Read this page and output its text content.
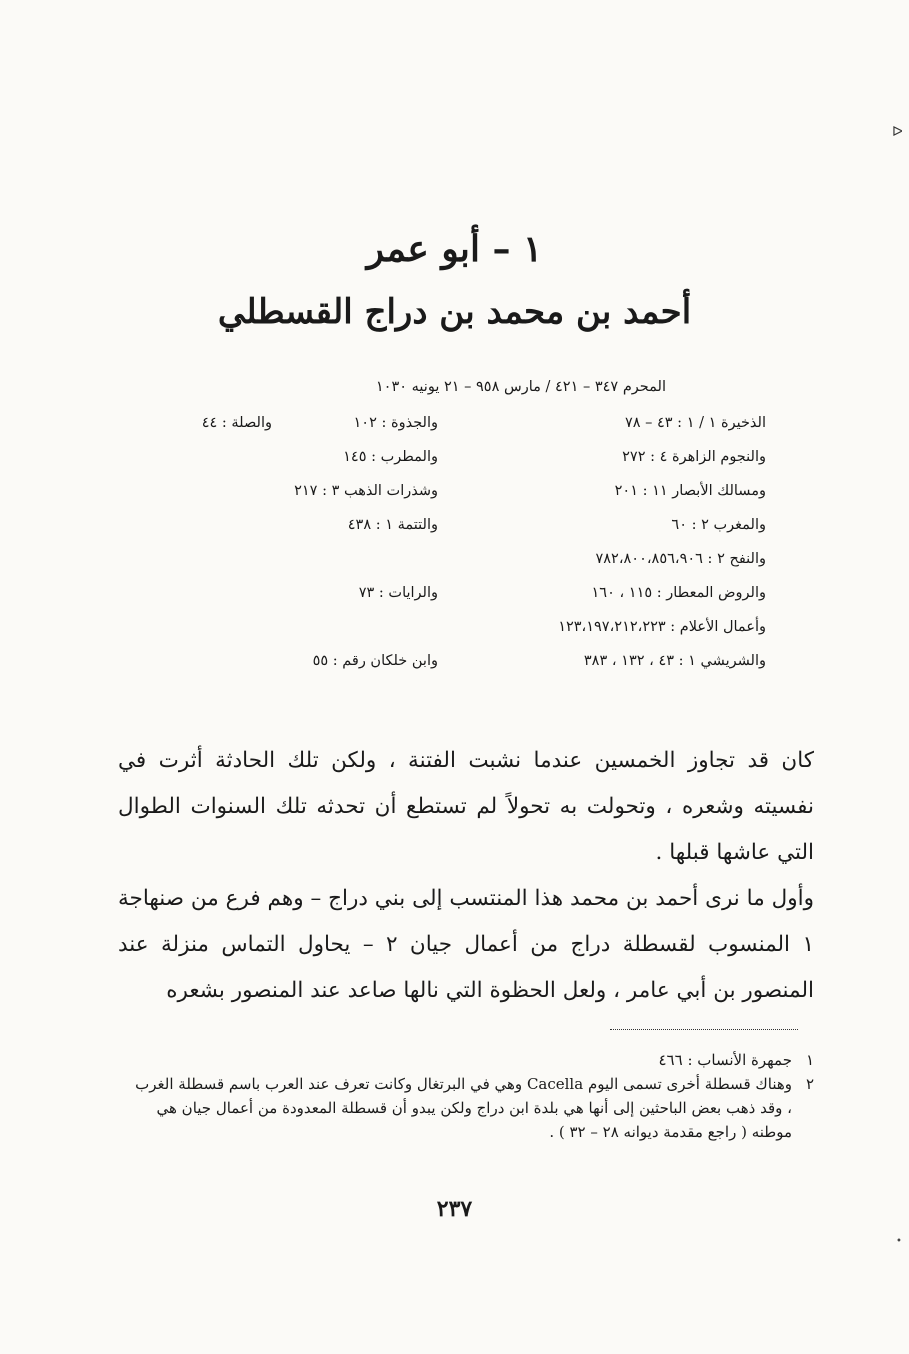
ᐅ
•
١ – أبو عمر
أحمد بن محمد بن دراج القسطلي
المحرم ٣٤٧ – ٤٢١ / مارس ٩٥٨ – ٢١ يونيه ١٠٣٠
الذخيرة ١ / ١ : ٤٣ – ٧٨
والجذوة : ١٠٢
والصلة : ٤٤
والنجوم الزاهرة ٤ : ٢٧٢
والمطرب : ١٤٥
ومسالك الأبصار ١١ : ٢٠١
وشذرات الذهب ٣ : ٢١٧
والمغرب ٢ : ٦٠
والتتمة ١ : ٤٣٨
والنفح ٢ : ٧٨٢،٨٠٠،٨٥٦،٩٠٦
والروض المعطار : ١١٥ ، ١٦٠
والرايات : ٧٣
وأعمال الأعلام : ١٢٣،١٩٧،٢١٢،٢٢٣
والشريشي ١ : ٤٣ ، ١٣٢ ، ٣٨٣
وابن خلكان رقم : ٥٥

كان قد تجاوز الخمسين عندما نشبت الفتنة ، ولكن تلك الحادثة أثرت في نفسيته وشعره ، وتحولت به تحولاً لم تستطع أن تحدثه تلك السنوات الطوال التي عاشها قبلها .

وأول ما نرى أحمد بن محمد هذا المنتسب إلى بني دراج – وهم فرع من صنهاجة ١ المنسوب لقسطلة دراج من أعمال جيان ٢ – يحاول التماس منزلة عند المنصور بن أبي عامر ، ولعل الحظوة التي نالها صاعد عند المنصور بشعره

١
جمهرة الأنساب : ٤٦٦
٢
وهناك قسطلة أخرى تسمى اليوم Cacella وهي في البرتغال وكانت تعرف عند العرب باسم قسطلة الغرب ، وقد ذهب بعض الباحثين إلى أنها هي بلدة ابن دراج ولكن يبدو أن قسطلة المعدودة من أعمال جيان هي موطنه ( راجع مقدمة ديوانه ٢٨ – ٣٢ ) .
٢٣٧
